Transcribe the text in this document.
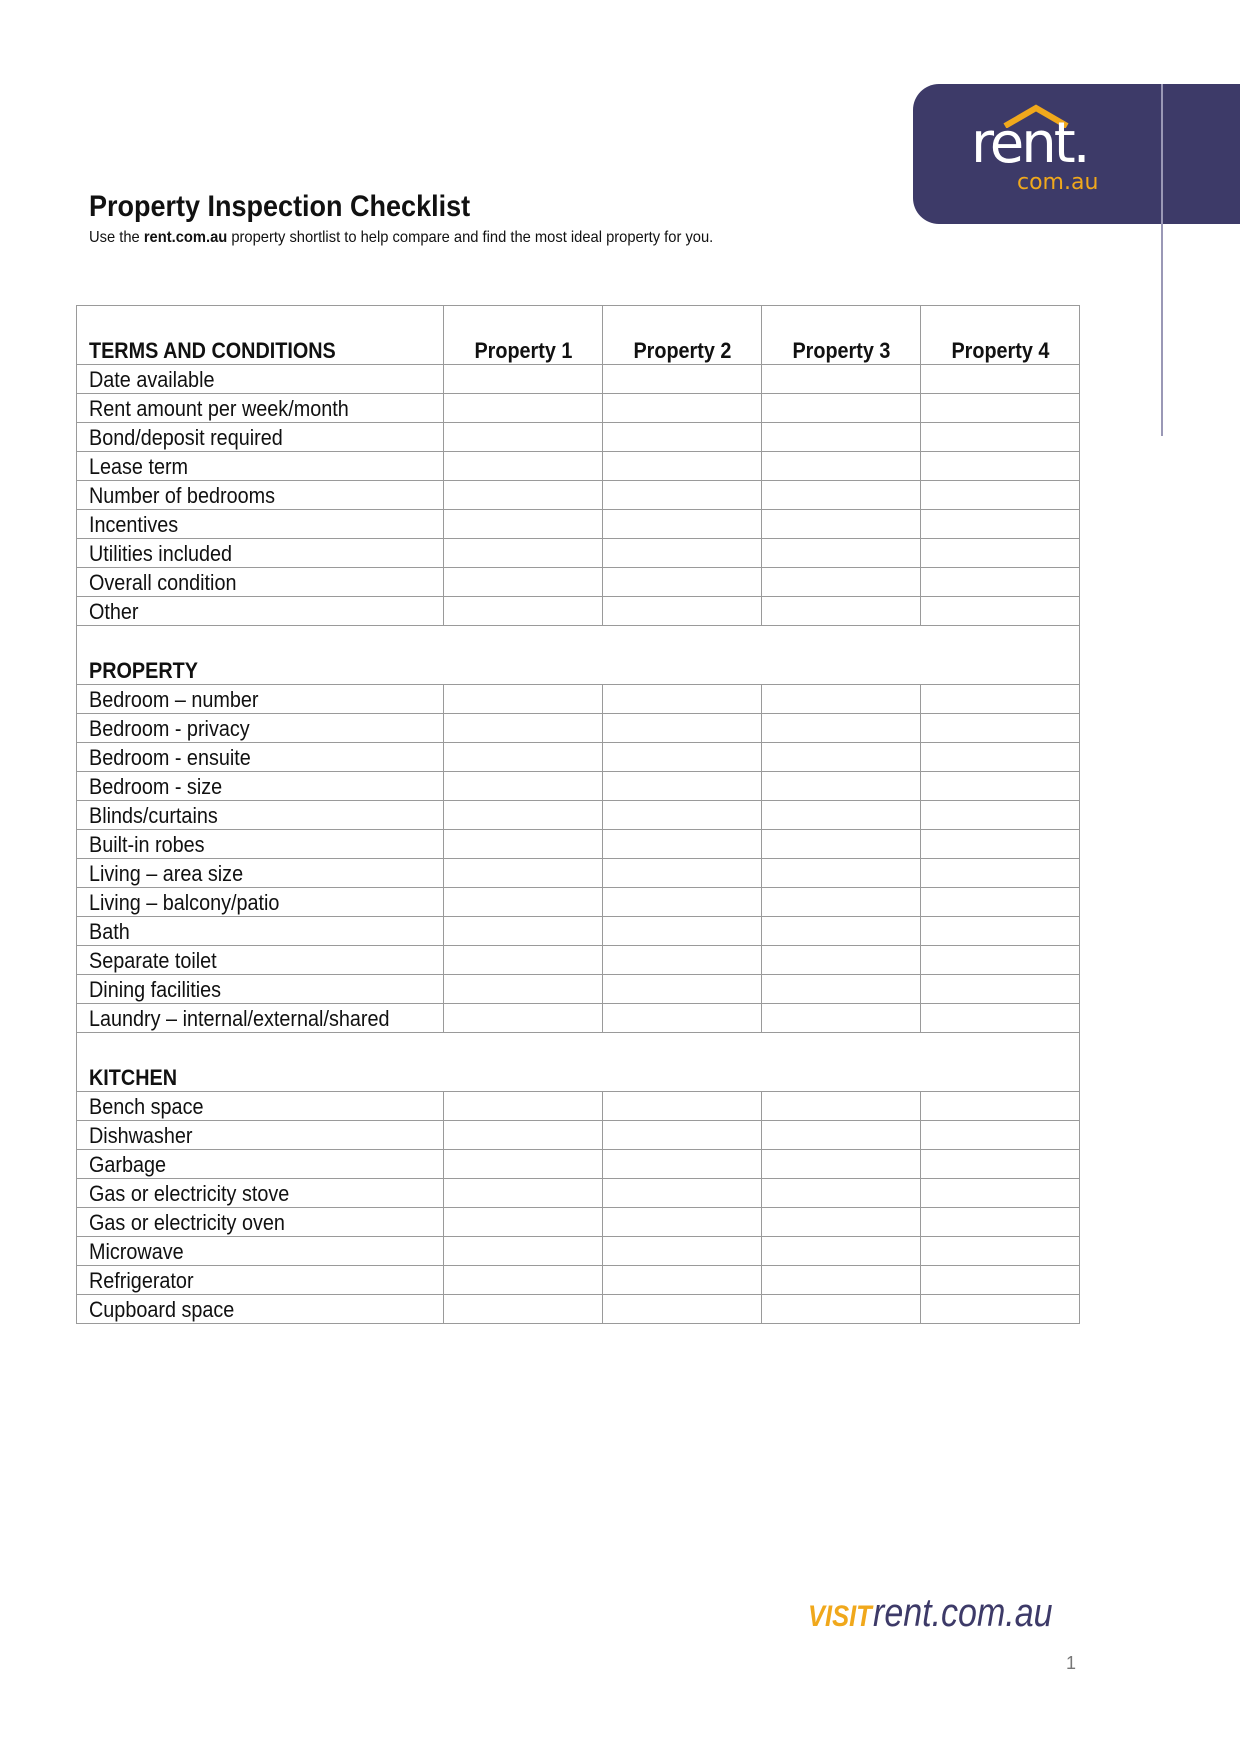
rent.
com.au
Property Inspection Checklist
Use the rent.com.au property shortlist to help compare and find the most ideal property for you.
TERMS AND CONDITIONS	Property 1	Property 2	Property 3	Property 4
Date available				
Rent amount per week/month				
Bond/deposit required				
Lease term				
Number of bedrooms				
Incentives				
Utilities included				
Overall condition				
Other				
PROPERTY				
Bedroom – number				
Bedroom - privacy				
Bedroom - ensuite				
Bedroom - size				
Blinds/curtains				
Built-in robes				
Living – area size				
Living – balcony/patio				
Bath				
Separate toilet				
Dining facilities				
Laundry – internal/external/shared				
KITCHEN				
Bench space				
Dishwasher				
Garbage				
Gas or electricity stove				
Gas or electricity oven				
Microwave				
Refrigerator				
Cupboard space				
VISITrent.com.au
1
